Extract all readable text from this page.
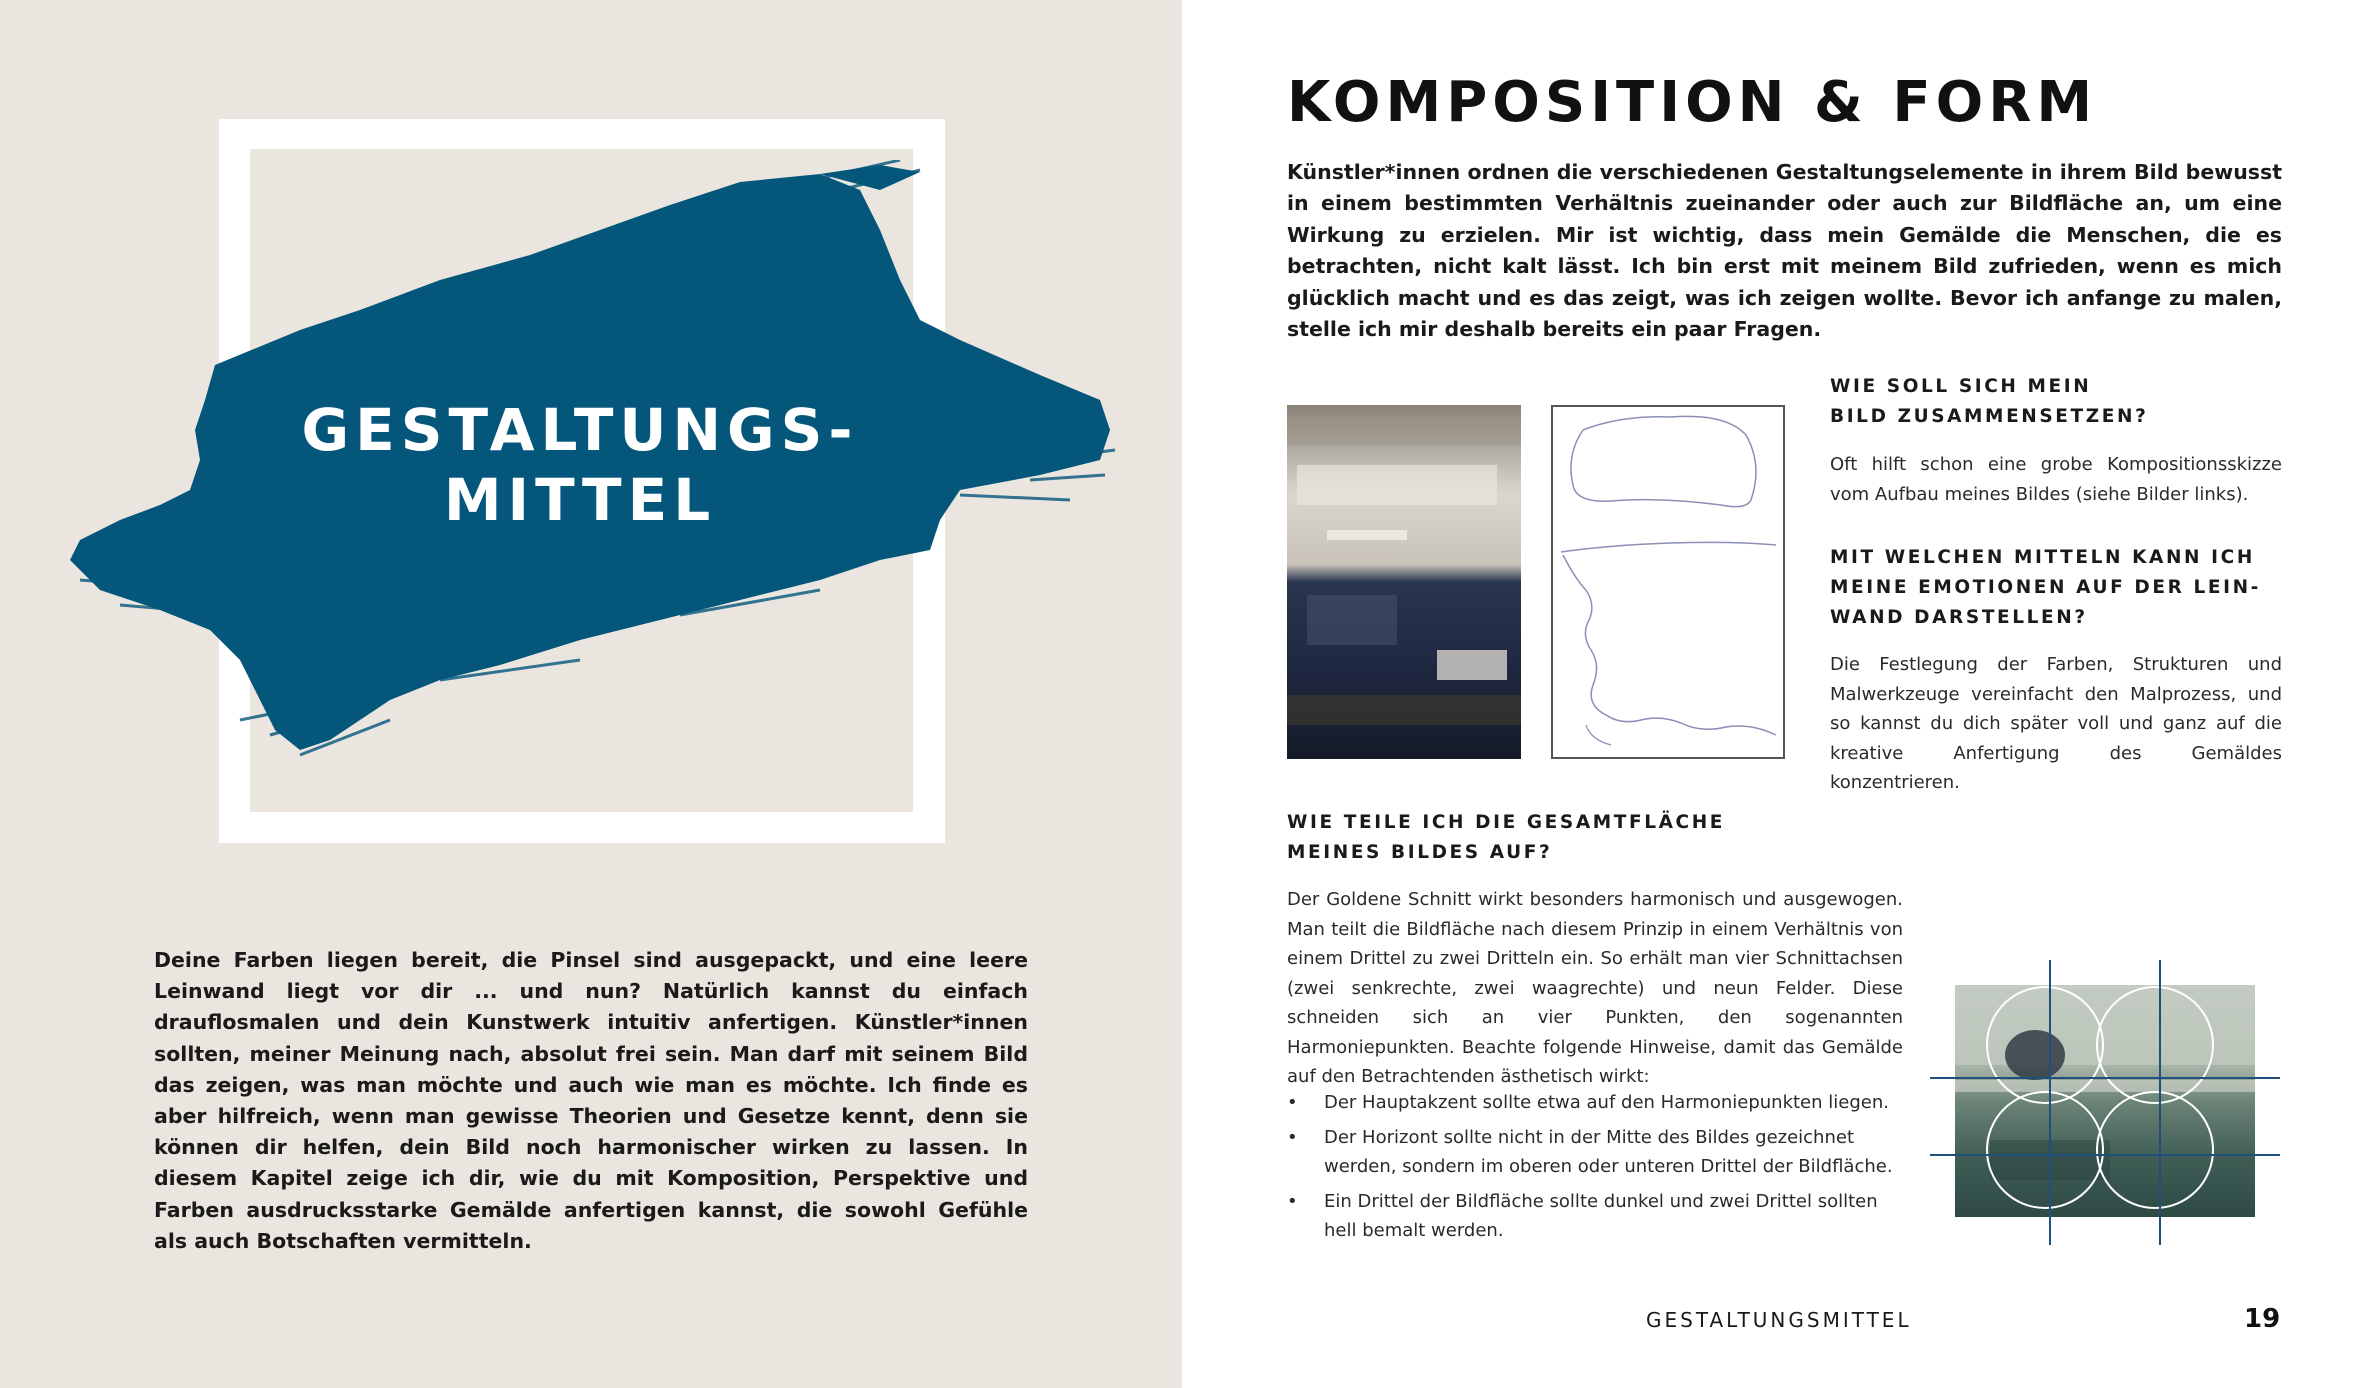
GESTALTUNGS-
MITTEL

Deine Farben liegen bereit, die Pinsel sind ausgepackt, und eine leere Leinwand liegt vor dir ... und nun? Natürlich kannst du einfach drauflosmalen und dein Kunstwerk intuitiv anfertigen. Künstler*innen sollten, meiner Meinung nach, absolut frei sein. Man darf mit seinem Bild das zeigen, was man möchte und auch wie man es möchte. Ich finde es aber hilfreich, wenn man gewisse Theorien und Gesetze kennt, denn sie können dir helfen, dein Bild noch harmonischer wirken zu lassen. In diesem Kapitel zeige ich dir, wie du mit Komposition, Perspektive und Farben ausdrucksstarke Gemälde anfertigen kannst, die sowohl Gefühle als auch Botschaften vermitteln.

KOMPOSITION & FORM

Künstler*innen ordnen die verschiedenen Gestaltungselemente in ihrem Bild bewusst in einem bestimmten Verhältnis zueinander oder auch zur Bildfläche an, um eine Wirkung zu erzielen. Mir ist wichtig, dass mein Gemälde die Menschen, die es betrachten, nicht kalt lässt. Ich bin erst mit meinem Bild zufrieden, wenn es mich glücklich macht und es das zeigt, was ich zeigen wollte. Bevor ich anfange zu malen, stelle ich mir deshalb bereits ein paar Fragen.

WIE SOLL SICH MEIN
BILD ZUSAMMENSETZEN?

Oft hilft schon eine grobe Kompositionsskizze vom Aufbau meines Bildes (siehe Bilder links).

MIT WELCHEN MITTELN KANN ICH
MEINE EMOTIONEN AUF DER LEIN-
WAND DARSTELLEN?

Die Festlegung der Farben, Strukturen und Malwerkzeuge vereinfacht den Malprozess, und so kannst du dich später voll und ganz auf die kreative Anfertigung des Gemäldes konzentrieren.

WIE TEILE ICH DIE GESAMTFLÄCHE
MEINES BILDES AUF?

Der Goldene Schnitt wirkt besonders harmonisch und ausgewogen. Man teilt die Bildfläche nach diesem Prinzip in einem Verhältnis von einem Drittel zu zwei Dritteln ein. So erhält man vier Schnittachsen (zwei senkrechte, zwei waagrechte) und neun Felder. Diese schneiden sich an vier Punkten, den sogenannten Harmoniepunkten. Beachte folgende Hinweise, damit das Gemälde auf den Betrachtenden ästhetisch wirkt:

• Der Hauptakzent sollte etwa auf den Harmoniepunkten liegen.
• Der Horizont sollte nicht in der Mitte des Bildes gezeichnet werden, sondern im oberen oder unteren Drittel der Bildfläche.
• Ein Drittel der Bildfläche sollte dunkel und zwei Drittel sollten hell bemalt werden.
GESTALTUNGSMITTEL	19
